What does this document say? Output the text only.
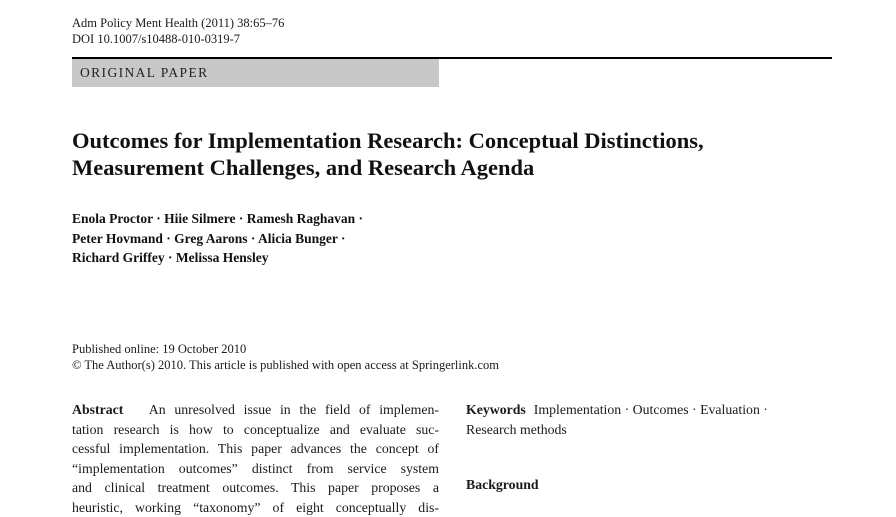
Adm Policy Ment Health (2011) 38:65–76
DOI 10.1007/s10488-010-0319-7
ORIGINAL PAPER
Outcomes for Implementation Research: Conceptual Distinctions,
Measurement Challenges, and Research Agenda
Enola Proctor · Hiie Silmere · Ramesh Raghavan ·
Peter Hovmand · Greg Aarons · Alicia Bunger ·
Richard Griffey · Melissa Hensley
Published online: 19 October 2010
© The Author(s) 2010. This article is published with open access at Springerlink.com
Abstract An unresolved issue in the field of implemen-
tation research is how to conceptualize and evaluate suc-
cessful implementation. This paper advances the concept of
“implementation outcomes” distinct from service system
and clinical treatment outcomes. This paper proposes a
heuristic, working “taxonomy” of eight conceptually dis-
Keywords Implementation · Outcomes · Evaluation ·
Research methods
Background
